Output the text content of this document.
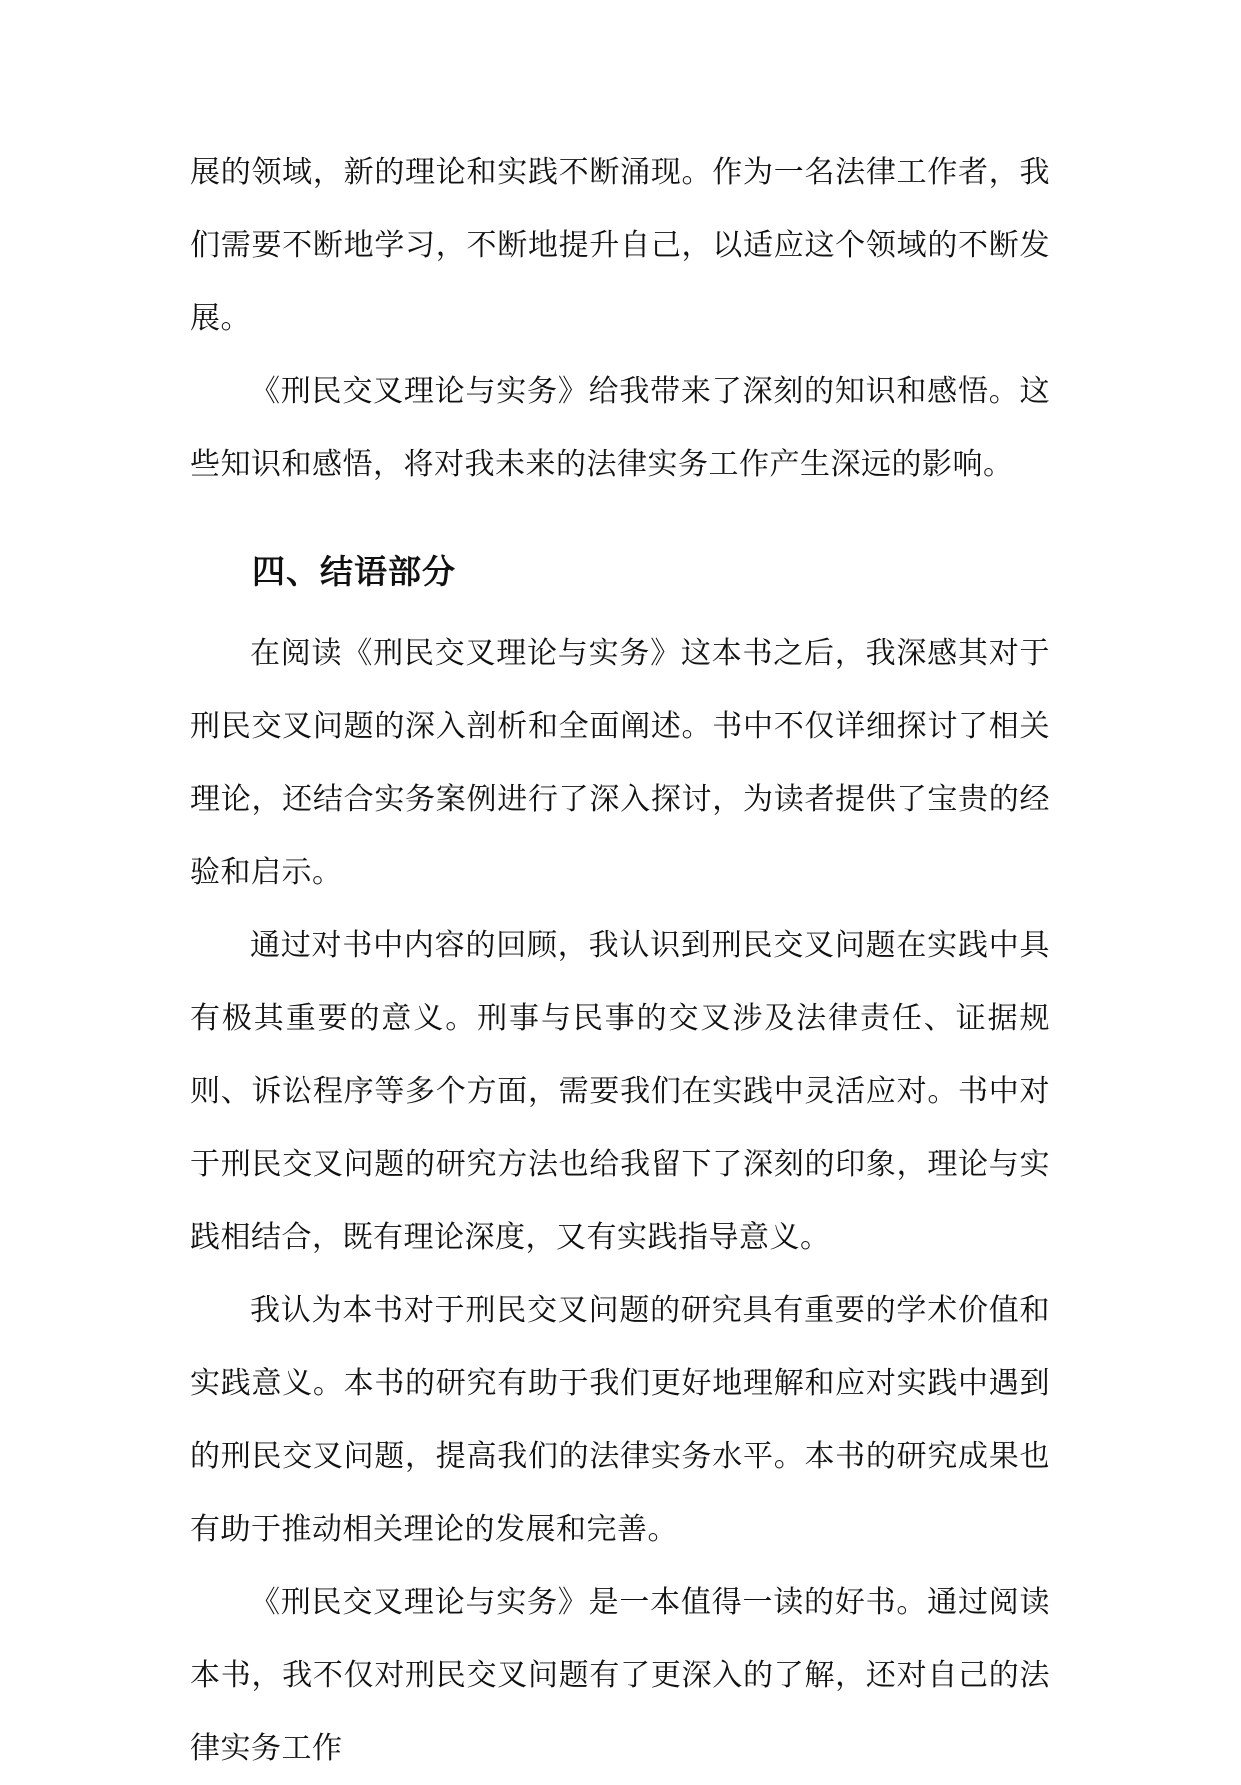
展的领域，新的理论和实践不断涌现。作为一名法律工作者，我们需要不断地学习，不断地提升自己，以适应这个领域的不断发展。

《刑民交叉理论与实务》给我带来了深刻的知识和感悟。这些知识和感悟，将对我未来的法律实务工作产生深远的影响。

四、结语部分

在阅读《刑民交叉理论与实务》这本书之后，我深感其对于刑民交叉问题的深入剖析和全面阐述。书中不仅详细探讨了相关理论，还结合实务案例进行了深入探讨，为读者提供了宝贵的经验和启示。

通过对书中内容的回顾，我认识到刑民交叉问题在实践中具有极其重要的意义。刑事与民事的交叉涉及法律责任、证据规则、诉讼程序等多个方面，需要我们在实践中灵活应对。书中对于刑民交叉问题的研究方法也给我留下了深刻的印象，理论与实践相结合，既有理论深度，又有实践指导意义。

我认为本书对于刑民交叉问题的研究具有重要的学术价值和实践意义。本书的研究有助于我们更好地理解和应对实践中遇到的刑民交叉问题，提高我们的法律实务水平。本书的研究成果也有助于推动相关理论的发展和完善。

《刑民交叉理论与实务》是一本值得一读的好书。通过阅读本书，我不仅对刑民交叉问题有了更深入的了解，还对自己的法律实务工作
